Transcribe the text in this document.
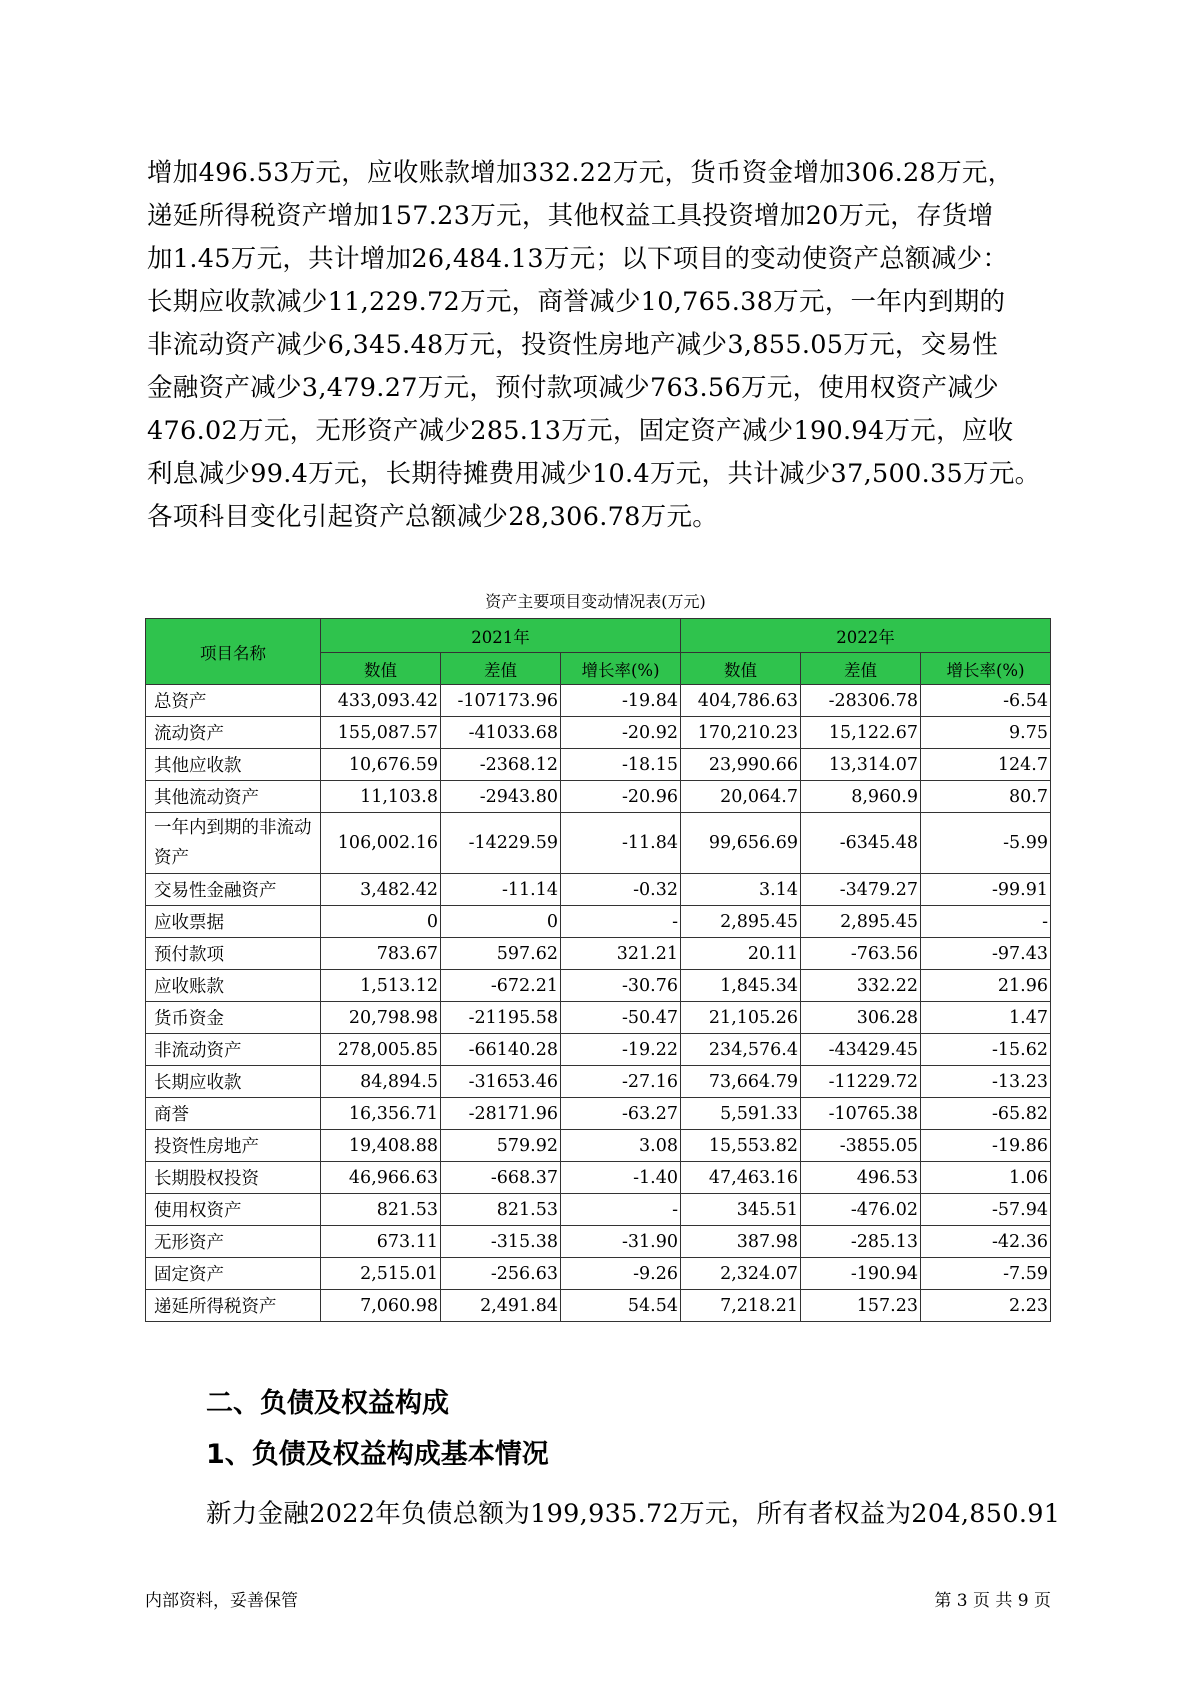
增加496.53万元，应收账款增加332.22万元，货币资金增加306.28万元，
递延所得税资产增加157.23万元，其他权益工具投资增加20万元，存货增
加1.45万元，共计增加26,484.13万元；以下项目的变动使资产总额减少：
长期应收款减少11,229.72万元，商誉减少10,765.38万元，一年内到期的
非流动资产减少6,345.48万元，投资性房地产减少3,855.05万元，交易性
金融资产减少3,479.27万元，预付款项减少763.56万元，使用权资产减少
476.02万元，无形资产减少285.13万元，固定资产减少190.94万元，应收
利息减少99.4万元，长期待摊费用减少10.4万元，共计减少37,500.35万元。
各项科目变化引起资产总额减少28,306.78万元。
资产主要项目变动情况表(万元)
项目名称	2021年			2022年		
	数值	差值	增长率(%)	数值	差值	增长率(%)
总资产	433,093.42	-107173.96	-19.84	404,786.63	-28306.78	-6.54
流动资产	155,087.57	-41033.68	-20.92	170,210.23	15,122.67	9.75
其他应收款	10,676.59	-2368.12	-18.15	23,990.66	13,314.07	124.7
其他流动资产	11,103.8	-2943.80	-20.96	20,064.7	8,960.9	80.7
一年内到期的非流动资产	106,002.16	-14229.59	-11.84	99,656.69	-6345.48	-5.99
交易性金融资产	3,482.42	-11.14	-0.32	3.14	-3479.27	-99.91
应收票据	0	0	-	2,895.45	2,895.45	-
预付款项	783.67	597.62	321.21	20.11	-763.56	-97.43
应收账款	1,513.12	-672.21	-30.76	1,845.34	332.22	21.96
货币资金	20,798.98	-21195.58	-50.47	21,105.26	306.28	1.47
非流动资产	278,005.85	-66140.28	-19.22	234,576.4	-43429.45	-15.62
长期应收款	84,894.5	-31653.46	-27.16	73,664.79	-11229.72	-13.23
商誉	16,356.71	-28171.96	-63.27	5,591.33	-10765.38	-65.82
投资性房地产	19,408.88	579.92	3.08	15,553.82	-3855.05	-19.86
长期股权投资	46,966.63	-668.37	-1.40	47,463.16	496.53	1.06
使用权资产	821.53	821.53	-	345.51	-476.02	-57.94
无形资产	673.11	-315.38	-31.90	387.98	-285.13	-42.36
固定资产	2,515.01	-256.63	-9.26	2,324.07	-190.94	-7.59
递延所得税资产	7,060.98	2,491.84	54.54	7,218.21	157.23	2.23
二、负债及权益构成
1、负债及权益构成基本情况
新力金融2022年负债总额为199,935.72万元，所有者权益为204,850.91
内部资料，妥善保管	第 3 页 共 9 页
